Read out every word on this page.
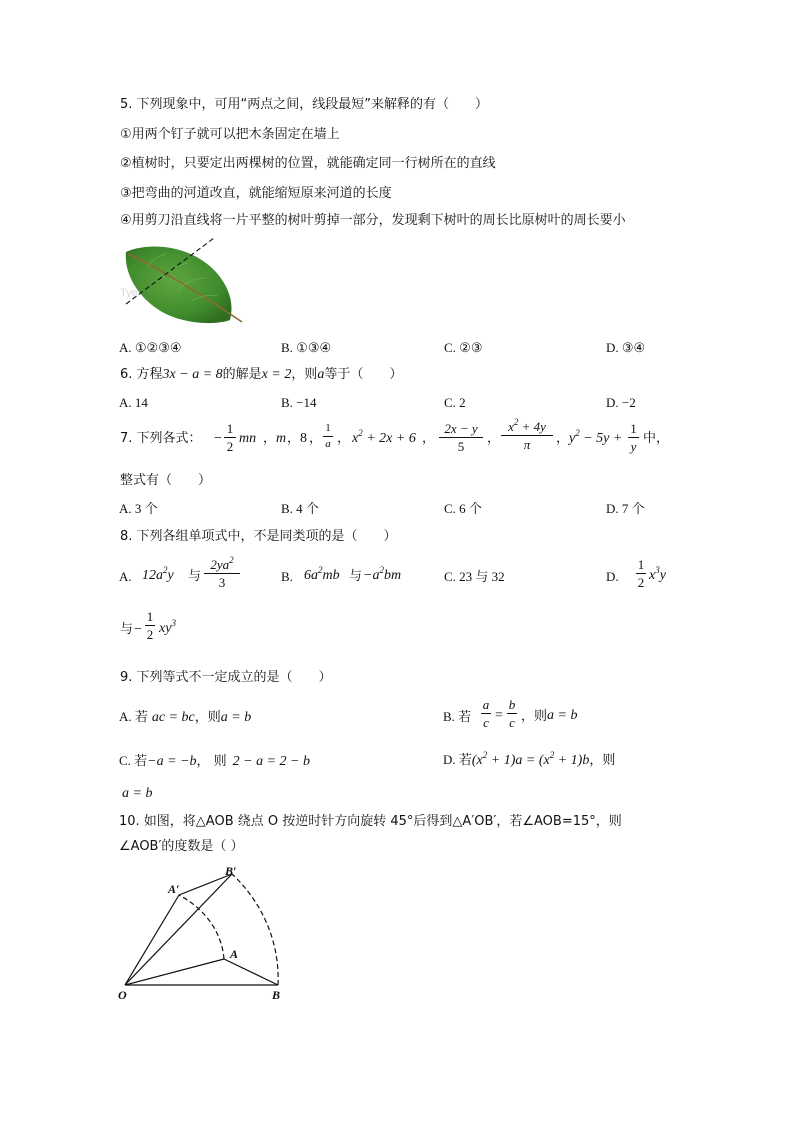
5. 下列现象中，可用“两点之间，线段最短”来解释的有（　　）
①用两个钉子就可以把木条固定在墙上
②植树时，只要定出两棵树的位置，就能确定同一行树所在的直线
③把弯曲的河道改直，就能缩短原来河道的长度
④用剪刀沿直线将一片平整的树叶剪掉一部分，发现剩下树叶的周长比原树叶的周长要小
Tye
A. ①②③④	B. ①③④	C. ②③	D. ③④
6. 方程3x − a = 8的解是x = 2，则a等于（　　）
A. 14	B. −14	C. 2	D. −2
7. 下列各式： −
1
2
mn ， m ， 8 ，
1
a ， $x^2 + 2x + 6$ ，
2x − y
5
，
$x^2 + 4y$
π	， $y^2 - 5y$ +
1
y
中，
整式有（　　）
A. 3 个	B. 4 个	C. 6 个	D. 7 个
8. 下列各组单项式中，不是同类项的是（　　）
A. $12a^2y$ 与
$2ya^2$
3	B. $6a^2mb$ 与 $-a^2bm$	C. 23 与 32	D.
1
2 $x^3y$
与 −
1
2 $xy^3$
9. 下列等式不一定成立的是（　　）
A. 若 ac = bc，则a = b	B. 若
a
c =
b
c ，则 a = b
C. 若−a = −b， 则 2 − a = 2 − b	D. 若$(x^2 + 1)a = (x^2 + 1)b$，则
a = b
10. 如图，将△AOB 绕点 O 按逆时针方向旋转 45°后得到△A′OB′，若∠AOB=15°，则
∠AOB′的度数是（ ）
O	B
A
A′
B′
